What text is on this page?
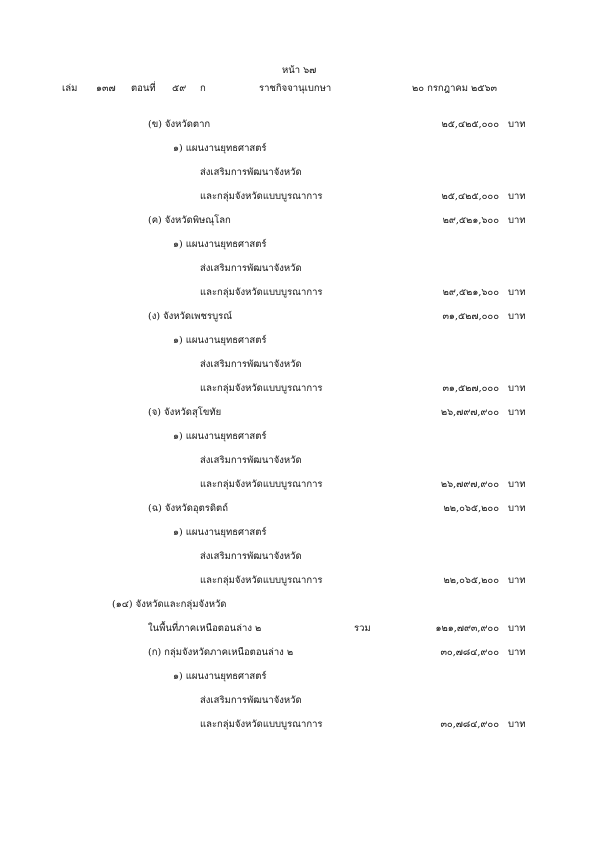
หน้า ๖๗
เล่ม ๑๓๗ ตอนที่ ๕๙ ก	ราชกิจจานุเบกษา	๒๐ กรกฎาคม ๒๕๖๓
(ข) จังหวัดตาก	๒๕,๔๒๕,๐๐๐ บาท
๑) แผนงานยุทธศาสตร์
ส่งเสริมการพัฒนาจังหวัด
และกลุ่มจังหวัดแบบบูรณาการ	๒๕,๔๒๕,๐๐๐ บาท
(ค) จังหวัดพิษณุโลก	๒๙,๕๒๑,๖๐๐ บาท
๑) แผนงานยุทธศาสตร์
ส่งเสริมการพัฒนาจังหวัด
และกลุ่มจังหวัดแบบบูรณาการ	๒๙,๕๒๑,๖๐๐ บาท
(ง) จังหวัดเพชรบูรณ์	๓๑,๕๒๗,๐๐๐ บาท
๑) แผนงานยุทธศาสตร์
ส่งเสริมการพัฒนาจังหวัด
และกลุ่มจังหวัดแบบบูรณาการ	๓๑,๕๒๗,๐๐๐ บาท
(จ) จังหวัดสุโขทัย	๒๖,๗๙๗,๙๐๐ บาท
๑) แผนงานยุทธศาสตร์
ส่งเสริมการพัฒนาจังหวัด
และกลุ่มจังหวัดแบบบูรณาการ	๒๖,๗๙๗,๙๐๐ บาท
(ฉ) จังหวัดอุตรดิตถ์	๒๒,๐๖๕,๒๐๐ บาท
๑) แผนงานยุทธศาสตร์
ส่งเสริมการพัฒนาจังหวัด
และกลุ่มจังหวัดแบบบูรณาการ	๒๒,๐๖๕,๒๐๐ บาท
(๑๔) จังหวัดและกลุ่มจังหวัด
ในพื้นที่ภาคเหนือตอนล่าง ๒	รวม	๑๒๑,๗๙๓,๙๐๐ บาท
(ก) กลุ่มจังหวัดภาคเหนือตอนล่าง ๒	๓๐,๗๘๔,๙๐๐ บาท
๑) แผนงานยุทธศาสตร์
ส่งเสริมการพัฒนาจังหวัด
และกลุ่มจังหวัดแบบบูรณาการ	๓๐,๗๘๔,๙๐๐ บาท
